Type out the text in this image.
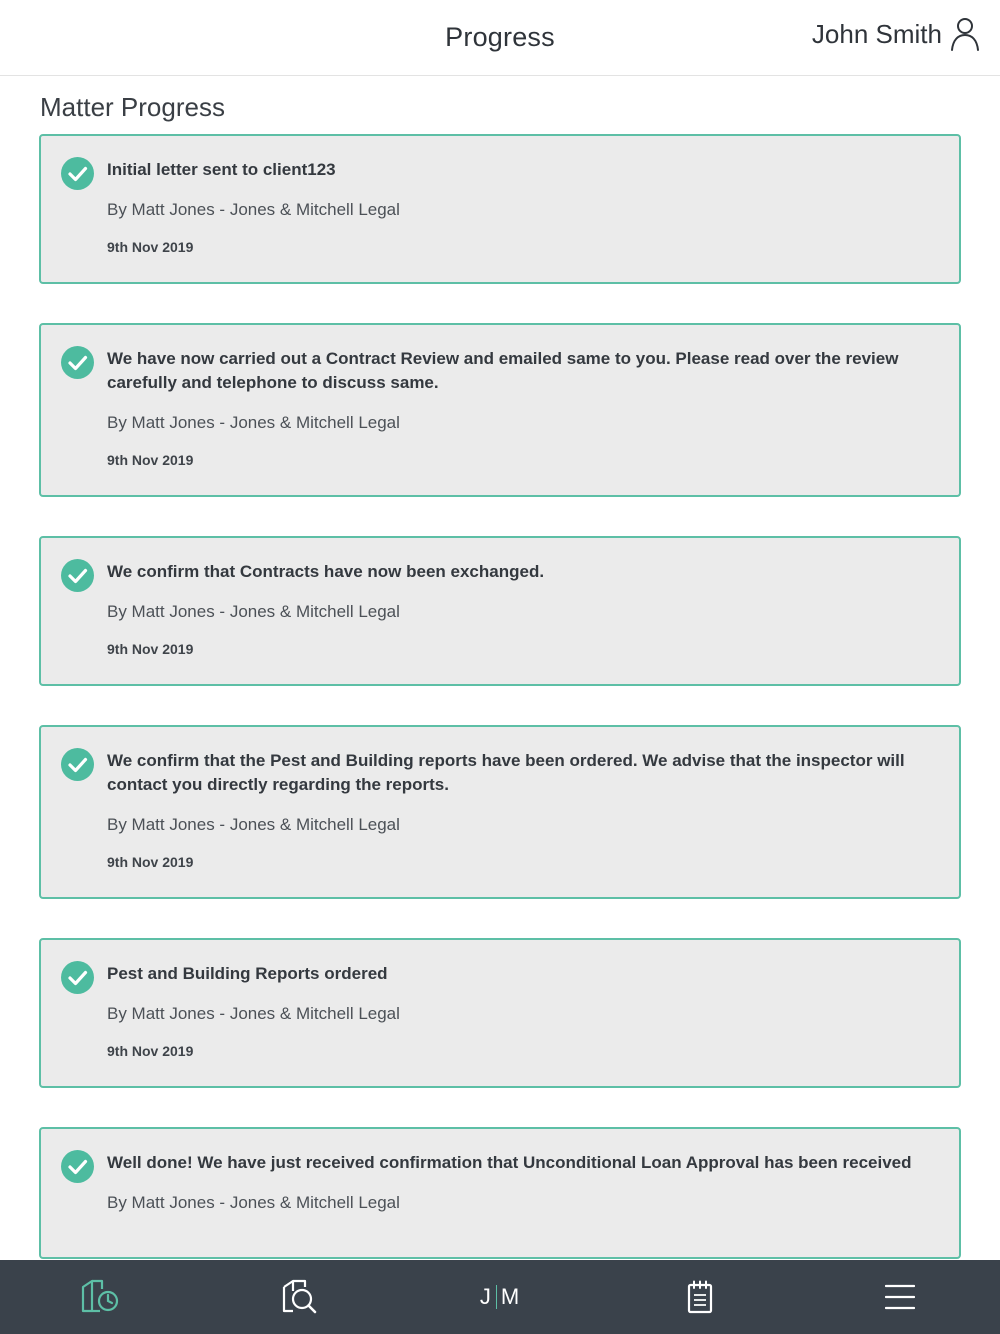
Progress	John Smith
Matter Progress
Initial letter sent to client123
By Matt Jones - Jones & Mitchell Legal
9th Nov 2019
We have now carried out a Contract Review and emailed same to you. Please read over the review carefully and telephone to discuss same.
By Matt Jones - Jones & Mitchell Legal
9th Nov 2019
We confirm that Contracts have now been exchanged.
By Matt Jones - Jones & Mitchell Legal
9th Nov 2019
We confirm that the Pest and Building reports have been ordered. We advise that the inspector will contact you directly regarding the reports.
By Matt Jones - Jones & Mitchell Legal
9th Nov 2019
Pest and Building Reports ordered
By Matt Jones - Jones & Mitchell Legal
9th Nov 2019
Well done! We have just received confirmation that Unconditional Loan Approval has been received
By Matt Jones - Jones & Mitchell Legal
J M
